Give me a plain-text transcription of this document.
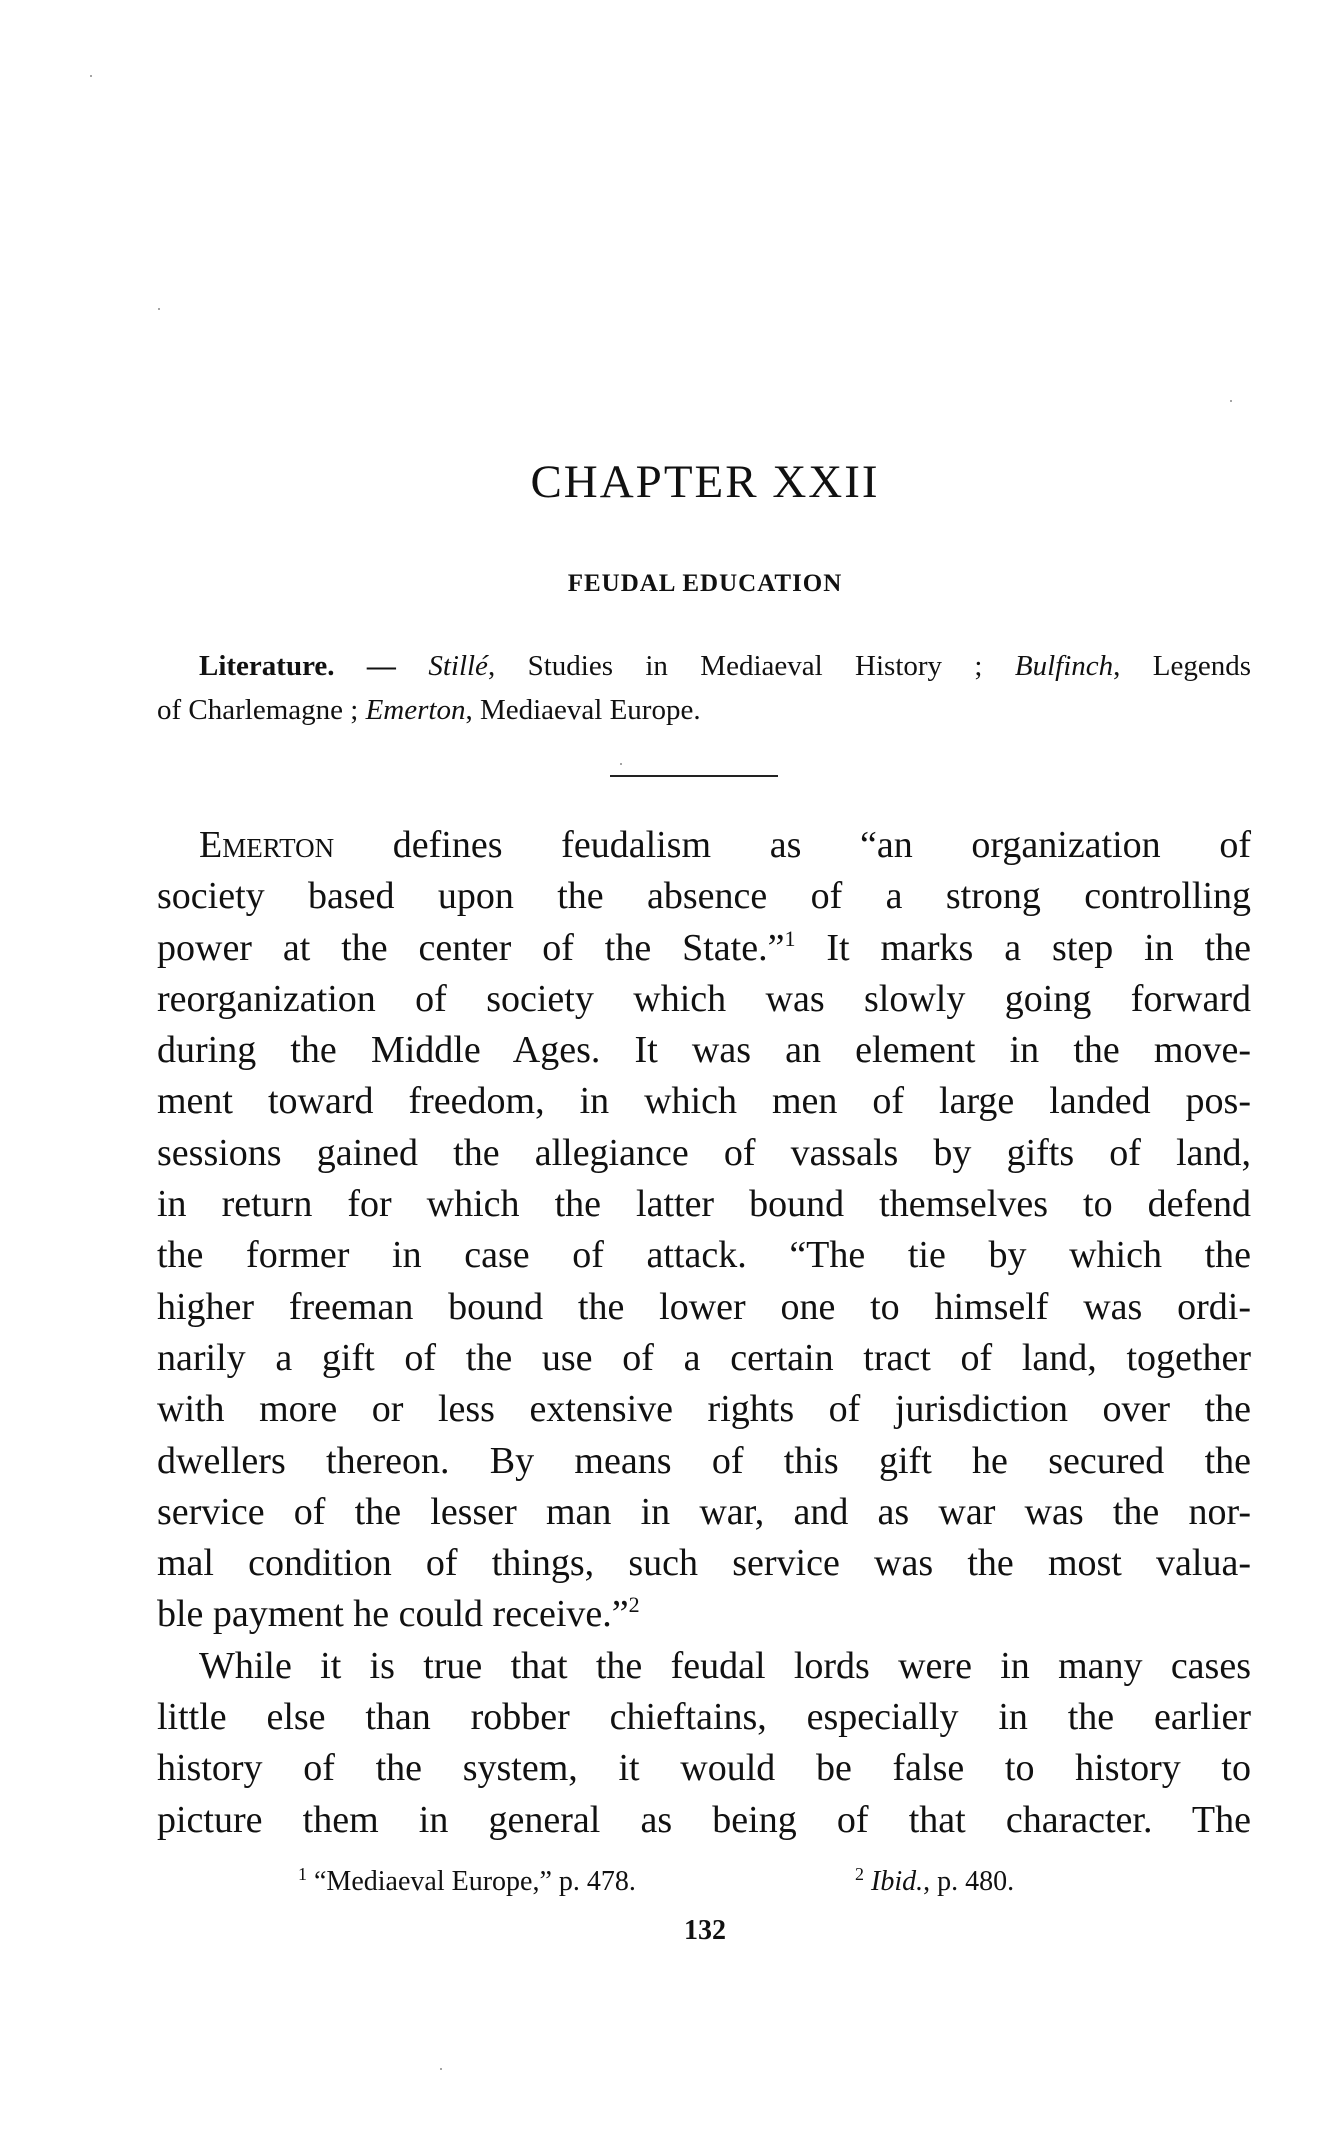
CHAPTER XXII
FEUDAL EDUCATION
Literature. — Stillé, Studies in Mediaeval History ; Bulfinch, Legends
of Charlemagne ; Emerton, Mediaeval Europe.
Emerton defines feudalism as “an organization of
society based upon the absence of a strong controlling
power at the center of the State.”$^1$ It marks a step in the
reorganization of society which was slowly going forward
during the Middle Ages. It was an element in the move-
ment toward freedom, in which men of large landed pos-
sessions gained the allegiance of vassals by gifts of land,
in return for which the latter bound themselves to defend
the former in case of attack. “The tie by which the
higher freeman bound the lower one to himself was ordi-
narily a gift of the use of a certain tract of land, together
with more or less extensive rights of jurisdiction over the
dwellers thereon. By means of this gift he secured the
service of the lesser man in war, and as war was the nor-
mal condition of things, such service was the most valua-
ble payment he could receive.”$^2$
While it is true that the feudal lords were in many cases
little else than robber chieftains, especially in the earlier
history of the system, it would be false to history to
picture them in general as being of that character. The
$^1$ “Mediaeval Europe,” p. 478.	$^2$ Ibid., p. 480.
132
